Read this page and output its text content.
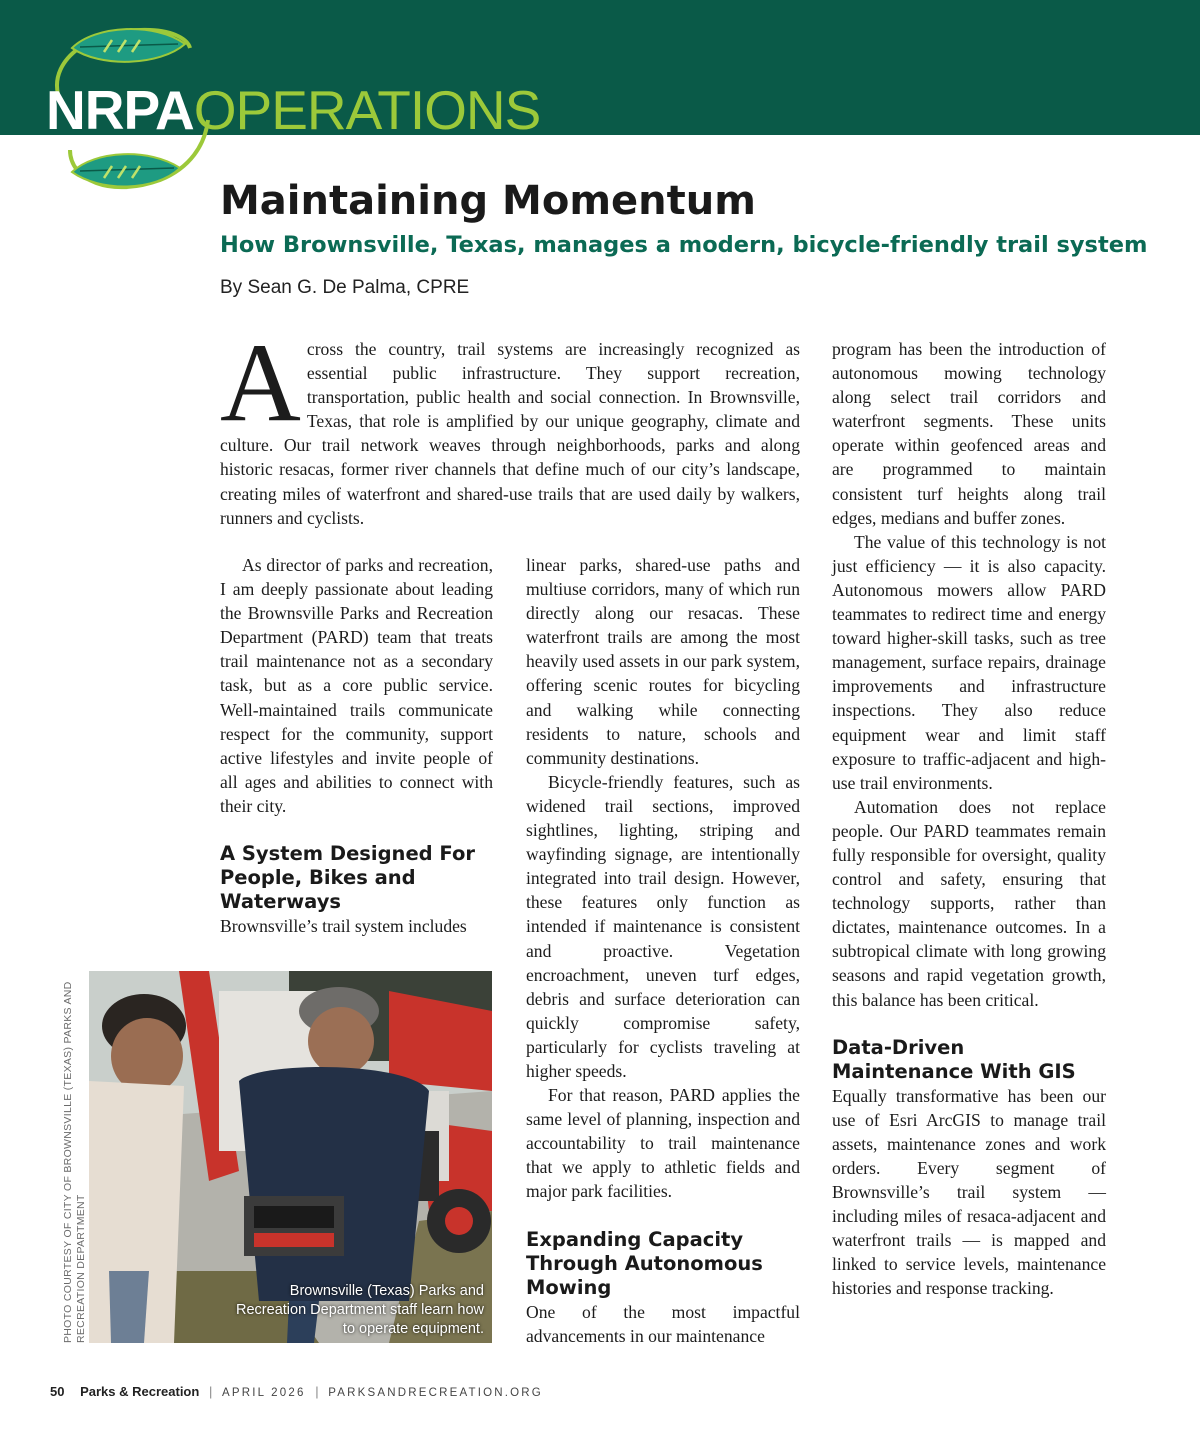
NRPAOPERATIONS
Maintaining Momentum
How Brownsville, Texas, manages a modern, bicycle-friendly trail system
By Sean G. De Palma, CPRE
Across the country, trail systems are increasingly recognized as essential public infrastructure. They support recreation, transportation, public health and social connection. In Brownsville, Texas, that role is amplified by our unique geography, climate and culture. Our trail network weaves through neighborhoods, parks and along historic resacas, former river channels that define much of our city’s landscape, creating miles of waterfront and shared-use trails that are used daily by walkers, runners and cyclists.

As director of parks and recreation, I am deeply passionate about leading the Brownsville Parks and Recreation Department (PARD) team that treats trail maintenance not as a secondary task, but as a core public service. Well-maintained trails communicate respect for the community, support active lifestyles and invite people of all ages and abilities to connect with their city.

A System Designed For People, Bikes and Waterways

Brownsville’s trail system includes

linear parks, shared-use paths and multiuse corridors, many of which run directly along our resacas. These waterfront trails are among the most heavily used assets in our park system, offering scenic routes for bicycling and walking while connecting residents to nature, schools and community destinations.

Bicycle-friendly features, such as widened trail sections, improved sightlines, lighting, striping and wayfinding signage, are intentionally integrated into trail design. However, these features only function as intended if maintenance is consistent and proactive. Vegetation encroachment, uneven turf edges, debris and surface deterioration can quickly compromise safety, particularly for cyclists traveling at higher speeds.

For that reason, PARD applies the same level of planning, inspection and accountability to trail maintenance that we apply to athletic fields and major park facilities.

Expanding Capacity Through Autonomous Mowing

One of the most impactful advancements in our maintenance

program has been the introduction of autonomous mowing technology along select trail corridors and waterfront segments. These units operate within geofenced areas and are programmed to maintain consistent turf heights along trail edges, medians and buffer zones.

The value of this technology is not just efficiency — it is also capacity. Autonomous mowers allow PARD teammates to redirect time and energy toward higher-skill tasks, such as tree management, surface repairs, drainage improvements and infrastructure inspections. They also reduce equipment wear and limit staff exposure to traffic-adjacent and high-use trail environments.

Automation does not replace people. Our PARD teammates remain fully responsible for oversight, quality control and safety, ensuring that technology supports, rather than dictates, maintenance outcomes. In a subtropical climate with long growing seasons and rapid vegetation growth, this balance has been critical.

Data-Driven Maintenance With GIS

Equally transformative has been our use of Esri ArcGIS to manage trail assets, maintenance zones and work orders. Every segment of Brownsville’s trail system — including miles of resaca-adjacent and waterfront trails — is mapped and linked to service levels, maintenance histories and response tracking.

Brownsville (Texas) Parks and Recreation Department staff learn how to operate equipment.
PHOTO COURTESY OF CITY OF BROWNSVILLE (TEXAS) PARKS AND RECREATION DEPARTMENT
50 Parks & Recreation | APRIL 2026 | PARKSANDRECREATION.ORG
